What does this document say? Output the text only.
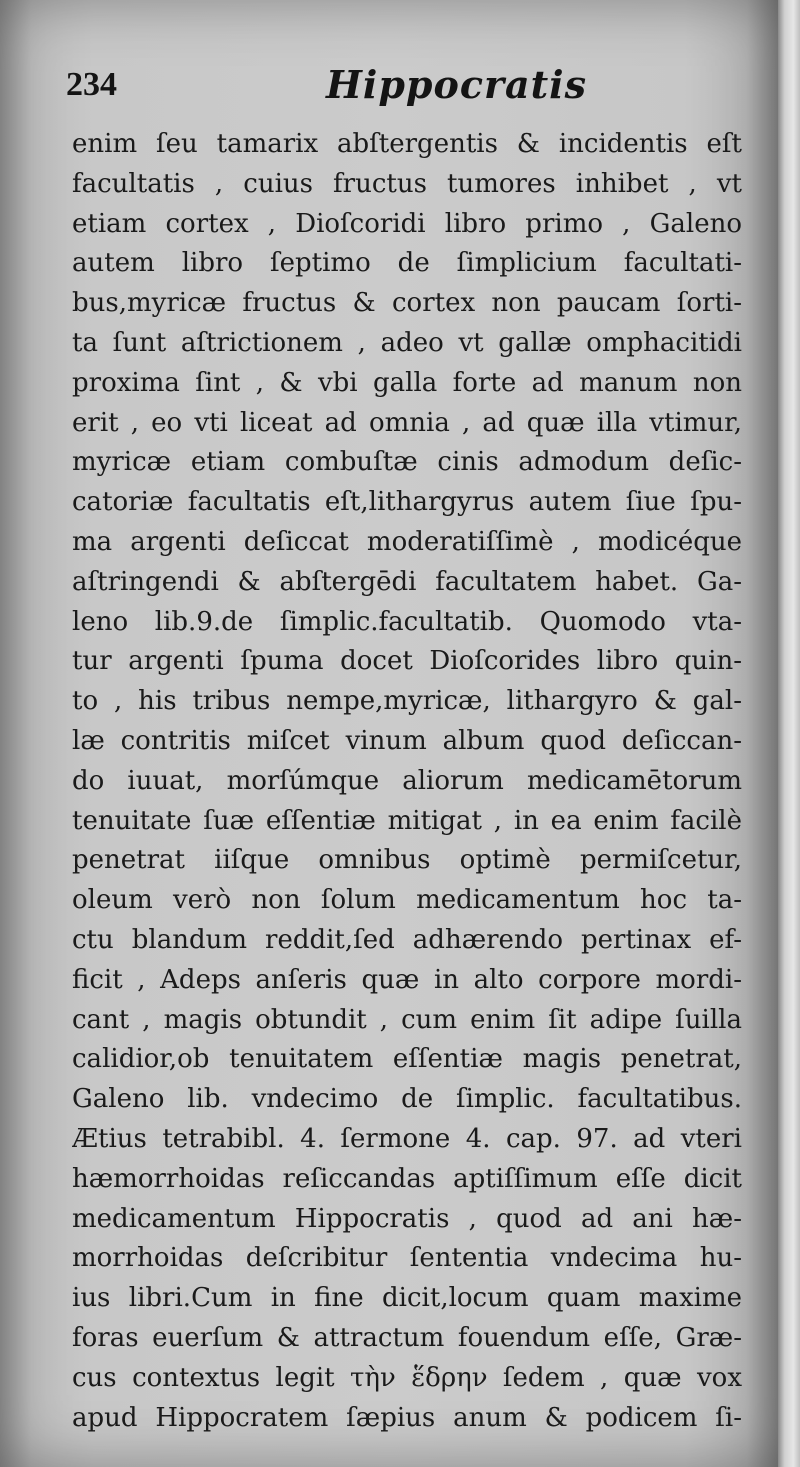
234	Hippocratis
enim ſeu tamarix abſtergentis & incidentis eſt
facultatis , cuius fructus tumores inhibet , vt
etiam cortex , Dioſcoridi libro primo , Galeno
autem libro ſeptimo de ſimplicium facultati-
bus,myricæ fructus & cortex non paucam ſorti-
ta ſunt aſtrictionem , adeo vt gallæ omphacitidi
proxima ſint , & vbi galla forte ad manum non
erit , eo vti liceat ad omnia , ad quæ illa vtimur,
myricæ etiam combuſtæ cinis admodum deſic-
catoriæ facultatis eſt,lithargyrus autem ſiue ſpu-
ma argenti deſiccat moderatiſſimè , modicéque
aſtringendi & abſtergēdi facultatem habet. Ga-
leno lib.9.de ſimplic.facultatib. Quomodo vta-
tur argenti ſpuma docet Dioſcorides libro quin-
to , his tribus nempe,myricæ, lithargyro & gal-
læ contritis miſcet vinum album quod deſiccan-
do iuuat, morſúmque aliorum medicamētorum
tenuitate ſuæ eſſentiæ mitigat , in ea enim facilè
penetrat iiſque omnibus optimè permiſcetur,
oleum verò non ſolum medicamentum hoc ta-
ctu blandum reddit,ſed adhærendo pertinax ef-
ficit , Adeps anſeris quæ in alto corpore mordi-
cant , magis obtundit , cum enim ſit adipe ſuilla
calidior,ob tenuitatem eſſentiæ magis penetrat,
Galeno lib. vndecimo de ſimplic. facultatibus.
Ætius tetrabibl. 4. ſermone 4. cap. 97. ad vteri
hæmorrhoidas reſiccandas aptiſſimum eſſe dicit
medicamentum Hippocratis , quod ad ani hæ-
morrhoidas deſcribitur ſententia vndecima hu-
ius libri.Cum in fine dicit,locum quam maxime
foras euerſum & attractum fouendum eſſe, Græ-
cus contextus legit τὴν ἕδρην ſedem , quæ vox
apud Hippocratem ſæpius anum & podicem ſi-
